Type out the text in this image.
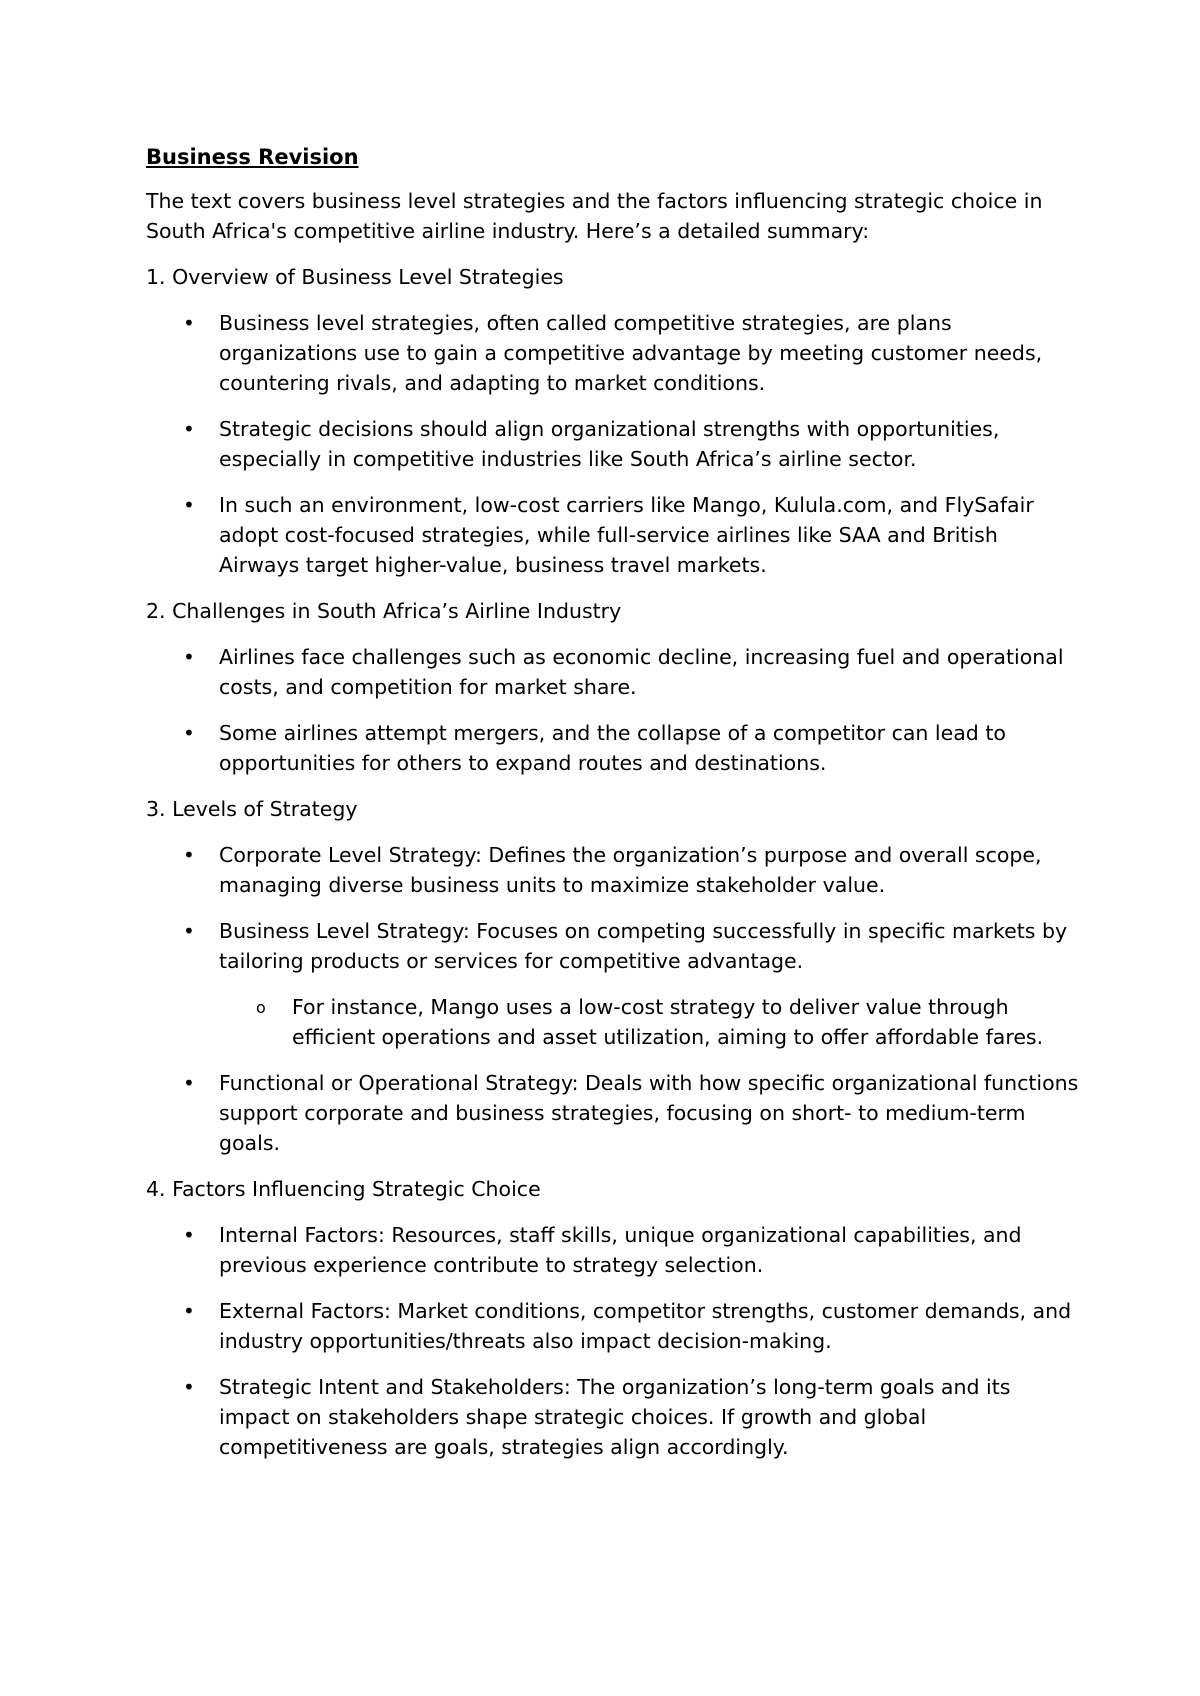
Business Revision

The text covers business level strategies and the factors influencing strategic choice in South Africa's competitive airline industry. Here’s a detailed summary:

1. Overview of Business Level Strategies

• Business level strategies, often called competitive strategies, are plans organizations use to gain a competitive advantage by meeting customer needs, countering rivals, and adapting to market conditions.

• Strategic decisions should align organizational strengths with opportunities, especially in competitive industries like South Africa’s airline sector.

• In such an environment, low-cost carriers like Mango, Kulula.com, and FlySafair adopt cost-focused strategies, while full-service airlines like SAA and British Airways target higher-value, business travel markets.

2. Challenges in South Africa’s Airline Industry

• Airlines face challenges such as economic decline, increasing fuel and operational costs, and competition for market share.

• Some airlines attempt mergers, and the collapse of a competitor can lead to opportunities for others to expand routes and destinations.

3. Levels of Strategy

• Corporate Level Strategy: Defines the organization’s purpose and overall scope, managing diverse business units to maximize stakeholder value.

• Business Level Strategy: Focuses on competing successfully in specific markets by tailoring products or services for competitive advantage.

o For instance, Mango uses a low-cost strategy to deliver value through efficient operations and asset utilization, aiming to offer affordable fares.

• Functional or Operational Strategy: Deals with how specific organizational functions support corporate and business strategies, focusing on short- to medium-term goals.

4. Factors Influencing Strategic Choice

• Internal Factors: Resources, staff skills, unique organizational capabilities, and previous experience contribute to strategy selection.

• External Factors: Market conditions, competitor strengths, customer demands, and industry opportunities/threats also impact decision-making.

• Strategic Intent and Stakeholders: The organization’s long-term goals and its impact on stakeholders shape strategic choices. If growth and global competitiveness are goals, strategies align accordingly.
